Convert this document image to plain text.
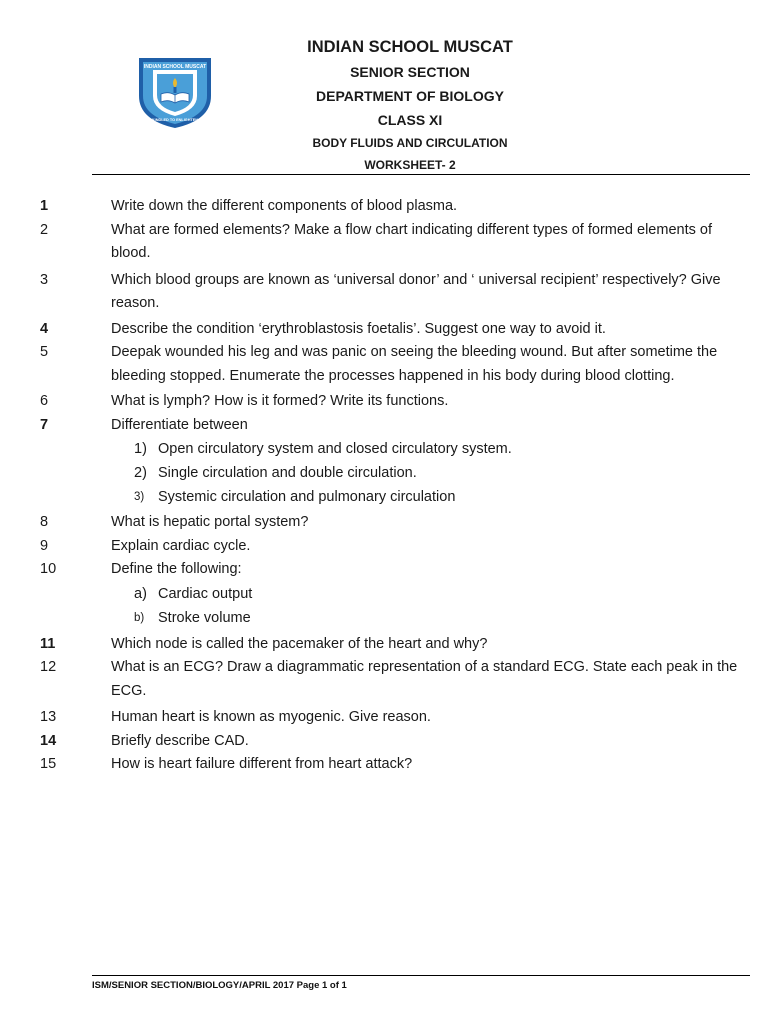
INDIAN SCHOOL MUSCAT
KINDLED TO ENLIGHTEN
INDIAN SCHOOL MUSCAT
SENIOR SECTION
DEPARTMENT OF BIOLOGY
CLASS XI
BODY FLUIDS AND CIRCULATION
WORKSHEET- 2
1	Write down the different components of blood plasma.
2	What are formed elements? Make a flow chart indicating different types of formed elements of blood.
3	Which blood groups are known as ‘universal donor’ and ‘ universal recipient’ respectively? Give reason.
4	Describe the condition ‘erythroblastosis foetalis’. Suggest one way to avoid it.
5	Deepak wounded his leg and was panic on seeing the bleeding wound. But after sometime the bleeding stopped. Enumerate the processes happened in his body during blood clotting.
6	What is lymph? How is it formed? Write its functions.
7	Differentiate between
1) Open circulatory system and closed circulatory system.
2) Single circulation and double circulation.
3) Systemic circulation and pulmonary circulation
8	What is hepatic portal system?
9	Explain cardiac cycle.
10	Define the following:
a) Cardiac output
b) Stroke volume
11	Which node is called the pacemaker of the heart and why?
12	What is an ECG? Draw a diagrammatic representation of a standard ECG. State each peak in the ECG.
13	Human heart is known as myogenic. Give reason.
14	Briefly describe CAD.
15	How is heart failure different from heart attack?
ISM/SENIOR SECTION/BIOLOGY/APRIL 2017 Page 1 of 1
